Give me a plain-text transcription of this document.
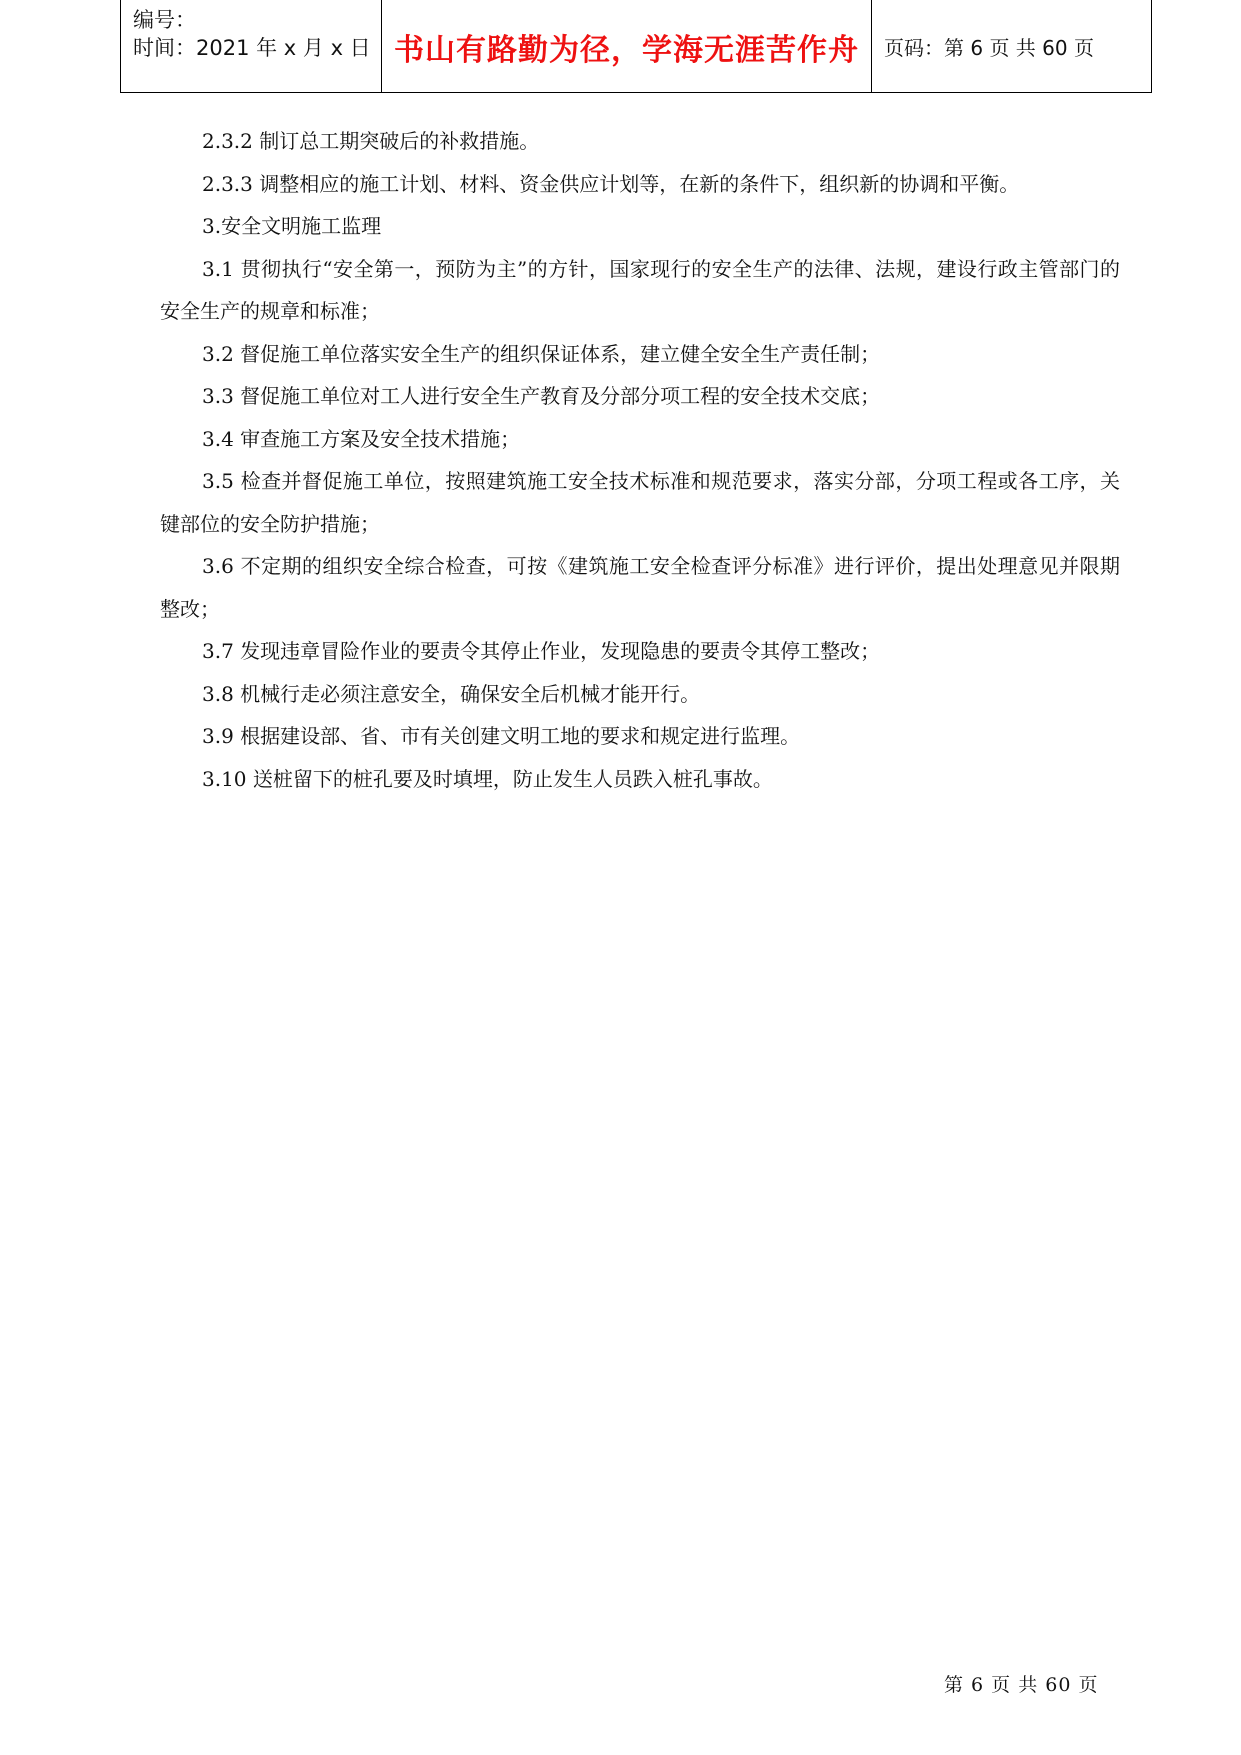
编号：
时间：2021 年 x 月 x 日 书山有路勤为径，学海无涯苦作舟 页码：第 6 页 共 60 页

2.3.2 制订总工期突破后的补救措施。

2.3.3 调整相应的施工计划、材料、资金供应计划等，在新的条件下，组织新的协调和平衡。

3.安全文明施工监理

3.1 贯彻执行“安全第一，预防为主”的方针，国家现行的安全生产的法律、法规，建设行政主管部门的安全生产的规章和标准；

3.2 督促施工单位落实安全生产的组织保证体系，建立健全安全生产责任制；

3.3 督促施工单位对工人进行安全生产教育及分部分项工程的安全技术交底；

3.4 审查施工方案及安全技术措施；

3.5 检查并督促施工单位，按照建筑施工安全技术标准和规范要求，落实分部，分项工程或各工序，关键部位的安全防护措施；

3.6 不定期的组织安全综合检查，可按《建筑施工安全检查评分标准》进行评价，提出处理意见并限期整改；

3.7 发现违章冒险作业的要责令其停止作业，发现隐患的要责令其停工整改；

3.8 机械行走必须注意安全，确保安全后机械才能开行。

3.9 根据建设部、省、市有关创建文明工地的要求和规定进行监理。

3.10 送桩留下的桩孔要及时填埋，防止发生人员跌入桩孔事故。

第 6 页 共 60 页
